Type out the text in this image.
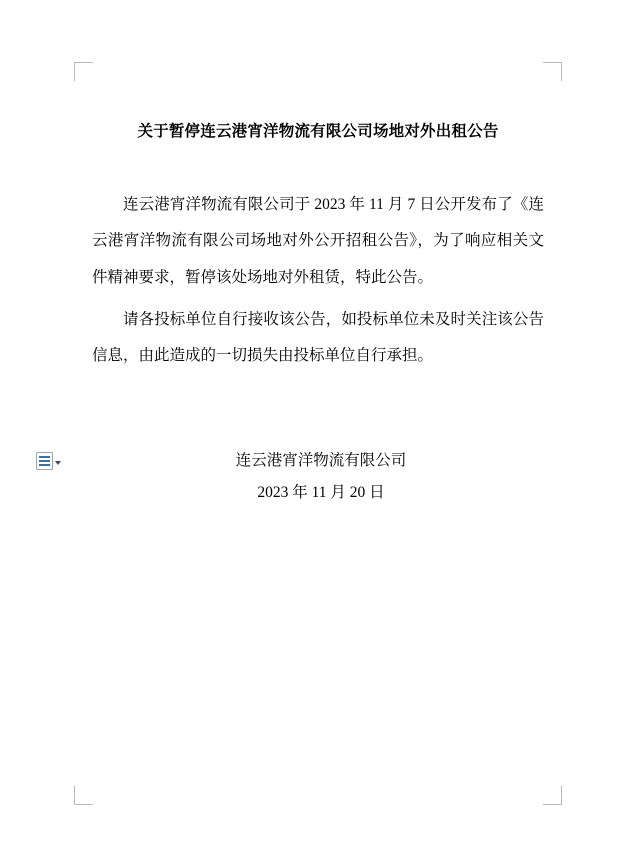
关于暂停连云港宵洋物流有限公司场地对外出租公告

连云港宵洋物流有限公司于 2023 年 11 月 7 日公开发布了《连云港宵洋物流有限公司场地对外公开招租公告》，为了响应相关文件精神要求，暂停该处场地对外租赁，特此公告。

请各投标单位自行接收该公告，如投标单位未及时关注该公告信息，由此造成的一切损失由投标单位自行承担。

连云港宵洋物流有限公司
2023 年 11 月 20 日
